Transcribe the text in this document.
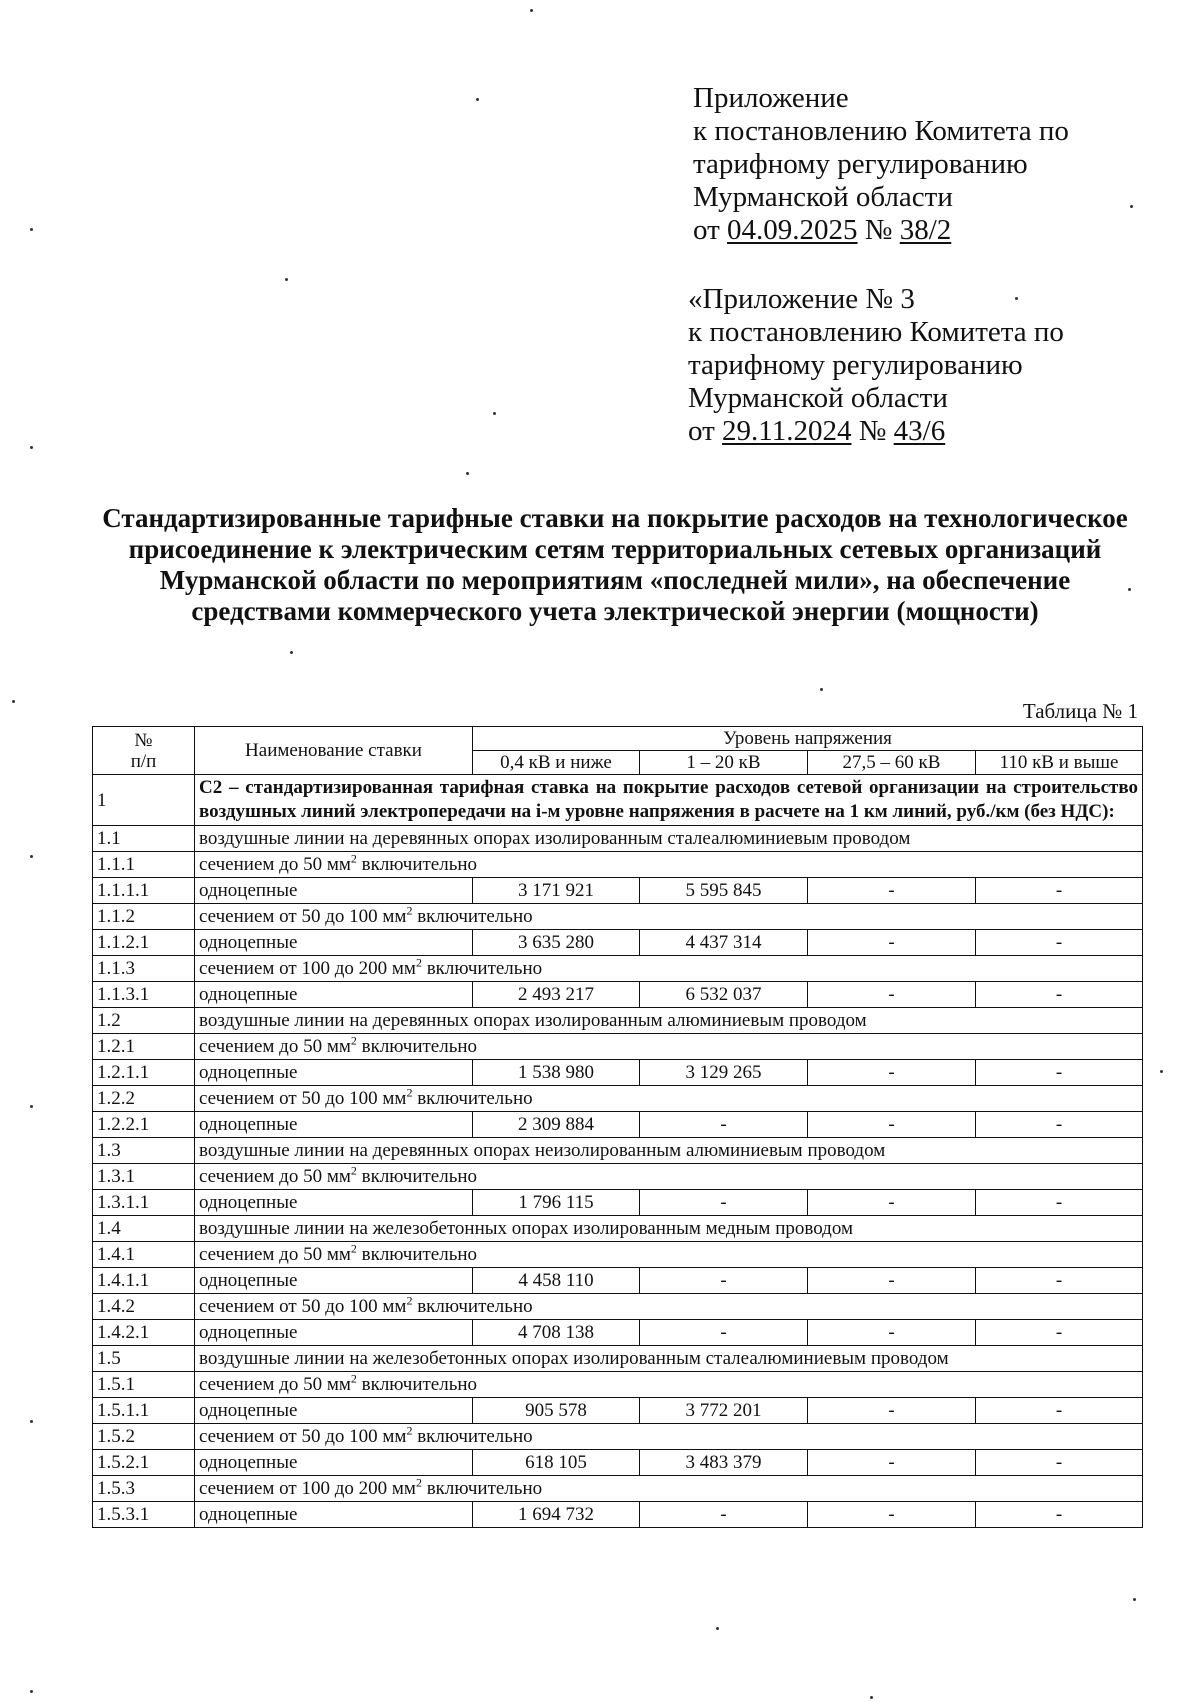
Приложение
к постановлению Комитета по
тарифному регулированию
Мурманской области
от 04.09.2025 № 38/2
«Приложение № 3
к постановлению Комитета по
тарифному регулированию
Мурманской области
от 29.11.2024 № 43/6
Стандартизированные тарифные ставки на покрытие расходов на технологическое присоединение к электрическим сетям территориальных сетевых организаций Мурманской области по мероприятиям «последней мили», на обеспечение средствами коммерческого учета электрической энергии (мощности)
Таблица № 1
№
п/п	Наименование ставки	Уровень напряжения			
		0,4 кВ и ниже	1 – 20 кВ	27,5 – 60 кВ	110 кВ и выше
1	С2 – стандартизированная тарифная ставка на покрытие расходов сетевой организации на строительство воздушных линий электропередачи на i-м уровне напряжения в расчете на 1 км линий, руб./км (без НДС):				
1.1	воздушные линии на деревянных опорах изолированным сталеалюминиевым проводом				
1.1.1	сечением до 50 $мм^2$ включительно				
1.1.1.1	одноцепные	3 171 921	5 595 845	-	-
1.1.2	сечением от 50 до 100 $мм^2$ включительно				
1.1.2.1	одноцепные	3 635 280	4 437 314	-	-
1.1.3	сечением от 100 до 200 $мм^2$ включительно				
1.1.3.1	одноцепные	2 493 217	6 532 037	-	-
1.2	воздушные линии на деревянных опорах изолированным алюминиевым проводом				
1.2.1	сечением до 50 $мм^2$ включительно				
1.2.1.1	одноцепные	1 538 980	3 129 265	-	-
1.2.2	сечением от 50 до 100 $мм^2$ включительно				
1.2.2.1	одноцепные	2 309 884	-	-	-
1.3	воздушные линии на деревянных опорах неизолированным алюминиевым проводом				
1.3.1	сечением до 50 $мм^2$ включительно				
1.3.1.1	одноцепные	1 796 115	-	-	-
1.4	воздушные линии на железобетонных опорах изолированным медным проводом				
1.4.1	сечением до 50 $мм^2$ включительно				
1.4.1.1	одноцепные	4 458 110	-	-	-
1.4.2	сечением от 50 до 100 $мм^2$ включительно				
1.4.2.1	одноцепные	4 708 138	-	-	-
1.5	воздушные линии на железобетонных опорах изолированным сталеалюминиевым проводом				
1.5.1	сечением до 50 $мм^2$ включительно				
1.5.1.1	одноцепные	905 578	3 772 201	-	-
1.5.2	сечением от 50 до 100 $мм^2$ включительно				
1.5.2.1	одноцепные	618 105	3 483 379	-	-
1.5.3	сечением от 100 до 200 $мм^2$ включительно				
1.5.3.1	одноцепные	1 694 732	-	-	-
